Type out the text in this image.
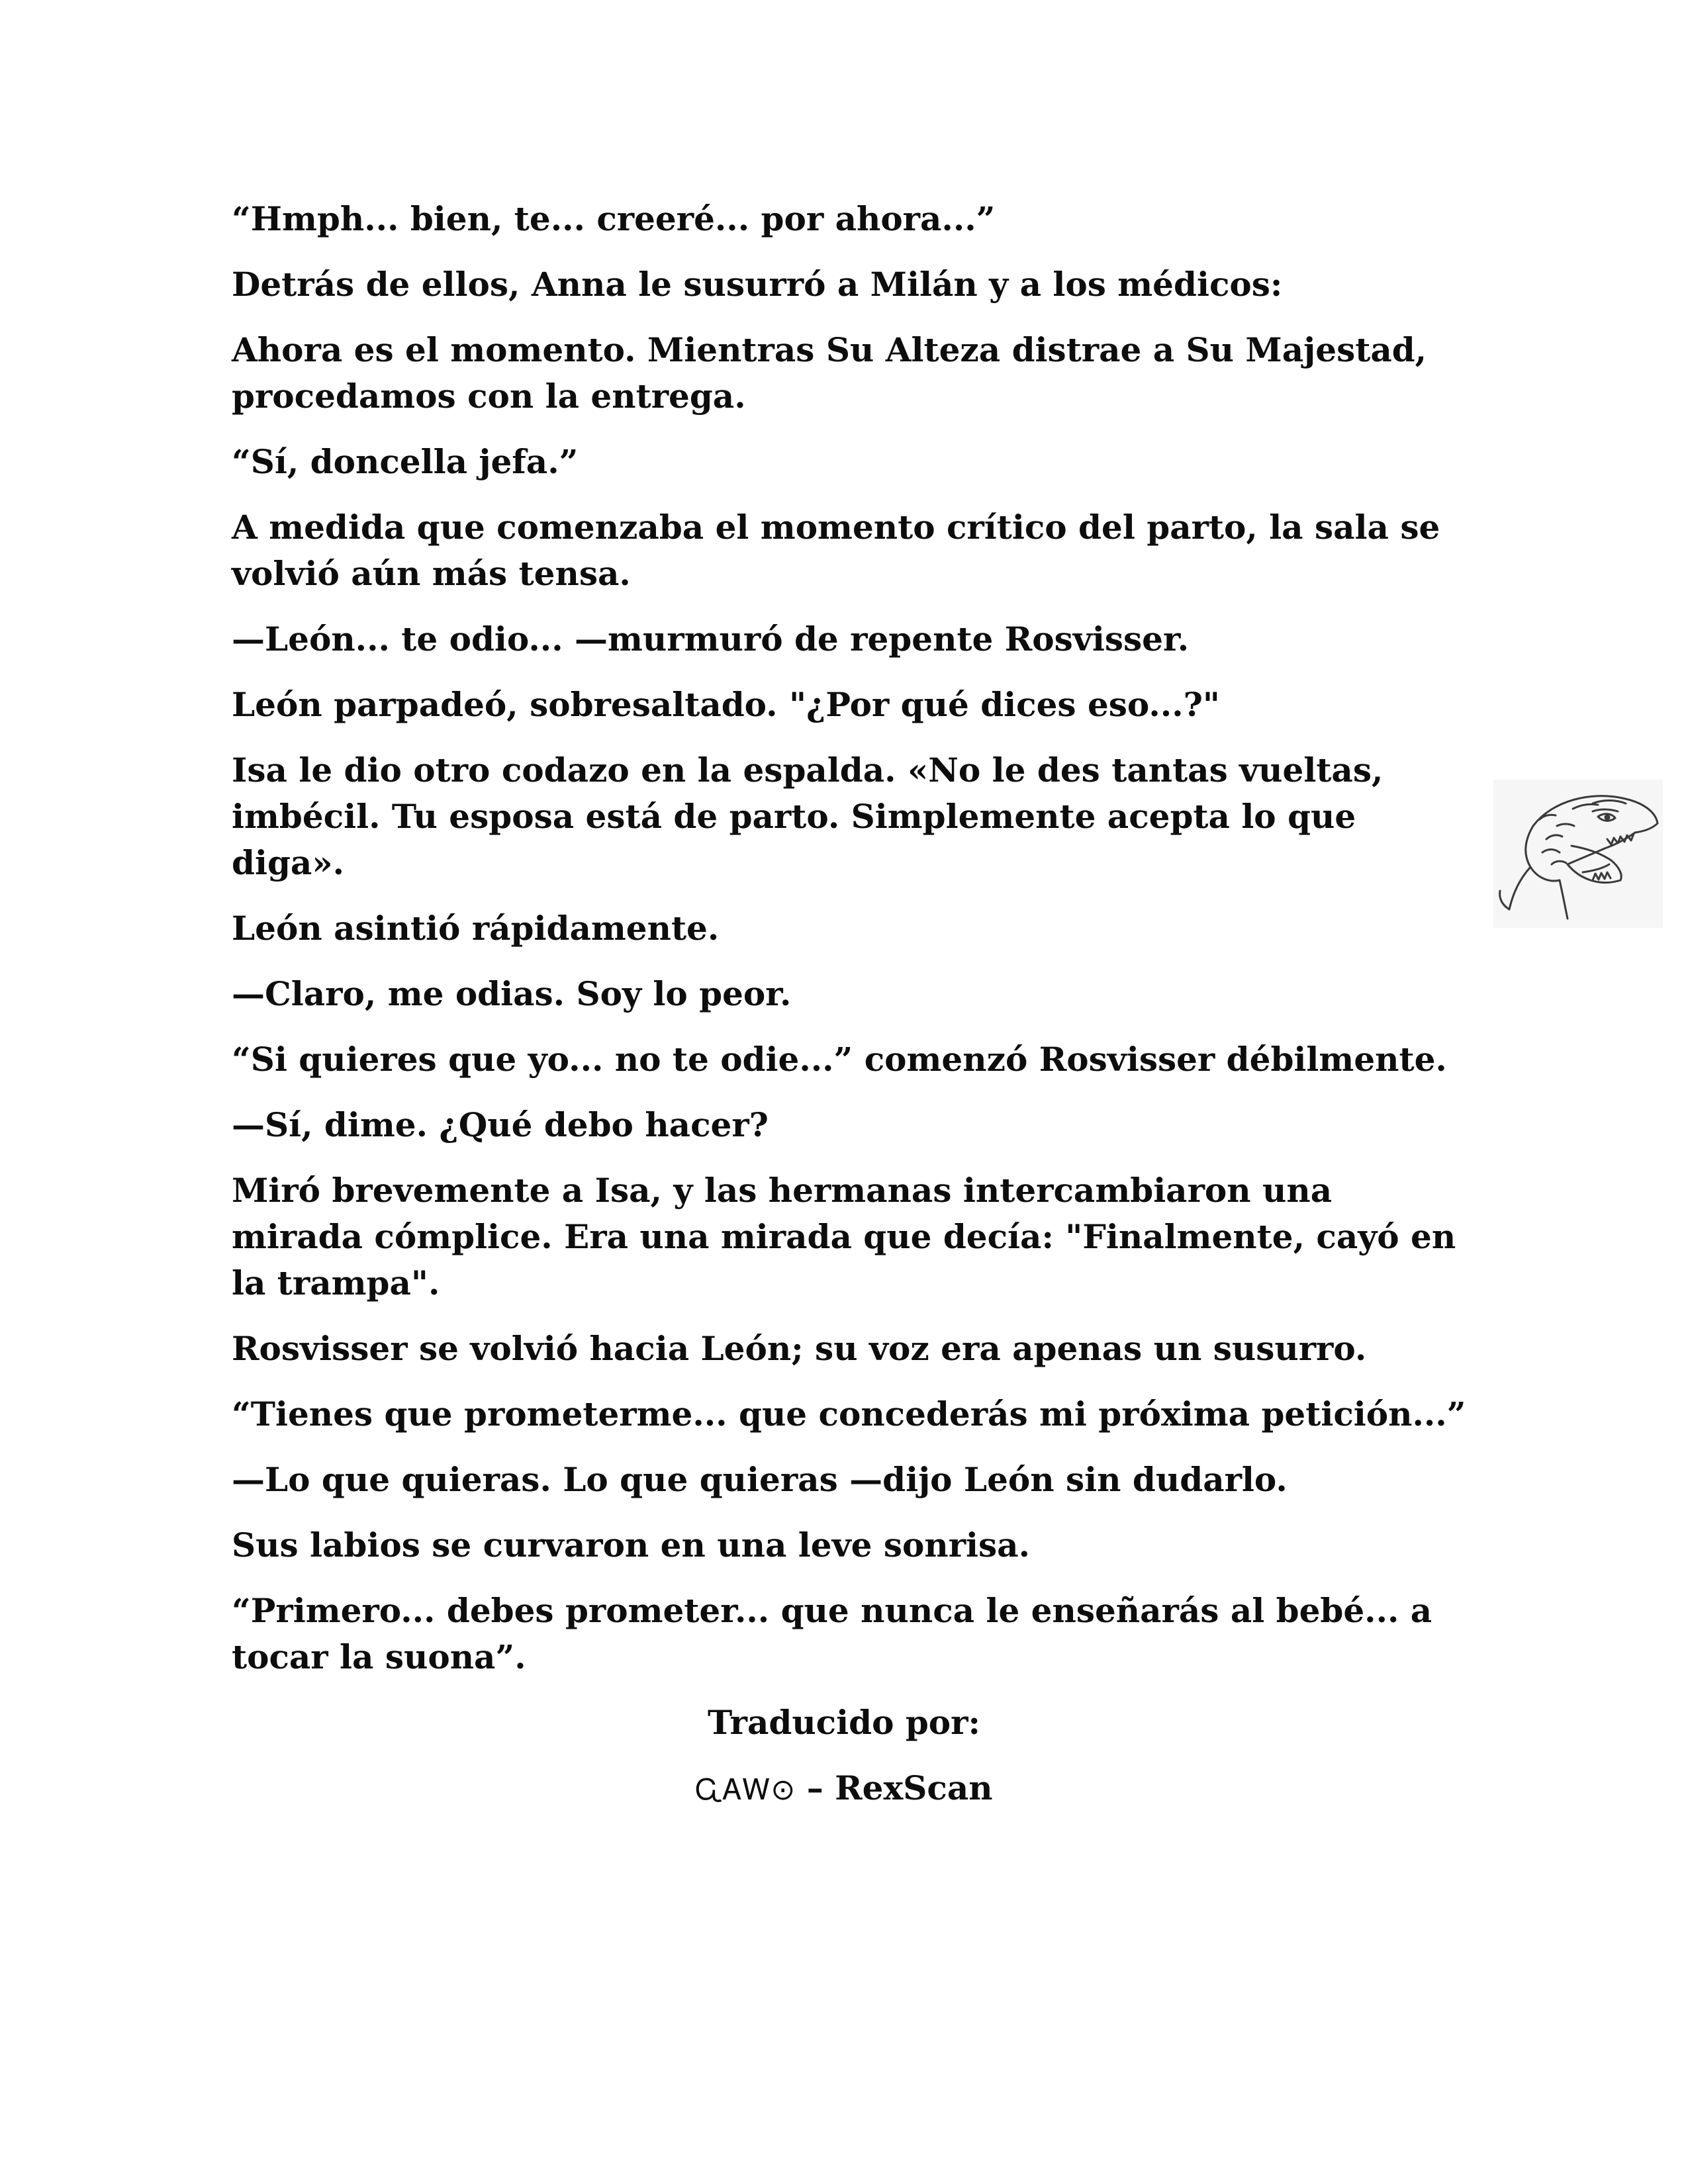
“Hmph... bien, te... creeré... por ahora...”

Detrás de ellos, Anna le susurró a Milán y a los médicos:

Ahora es el momento. Mientras Su Alteza distrae a Su Majestad, procedamos con la entrega.

“Sí, doncella jefa.”

A medida que comenzaba el momento crítico del parto, la sala se volvió aún más tensa.

—León... te odio... —murmuró de repente Rosvisser.

León parpadeó, sobresaltado. "¿Por qué dices eso...?"

Isa le dio otro codazo en la espalda. «No le des tantas vueltas, imbécil. Tu esposa está de parto. Simplemente acepta lo que diga».

León asintió rápidamente.

—Claro, me odias. Soy lo peor.

“Si quieres que yo... no te odie...” comenzó Rosvisser débilmente.

—Sí, dime. ¿Qué debo hacer?

Miró brevemente a Isa, y las hermanas intercambiaron una mirada cómplice. Era una mirada que decía: "Finalmente, cayó en la trampa".

Rosvisser se volvió hacia León; su voz era apenas un susurro.

“Tienes que prometerme... que concederás mi próxima petición...”

—Lo que quieras. Lo que quieras —dijo León sin dudarlo.

Sus labios se curvaron en una leve sonrisa.

“Primero... debes prometer... que nunca le enseñarás al bebé... a tocar la suona”.

Traducido por:

ᏩᎪᎳ⊙ – RexScan
